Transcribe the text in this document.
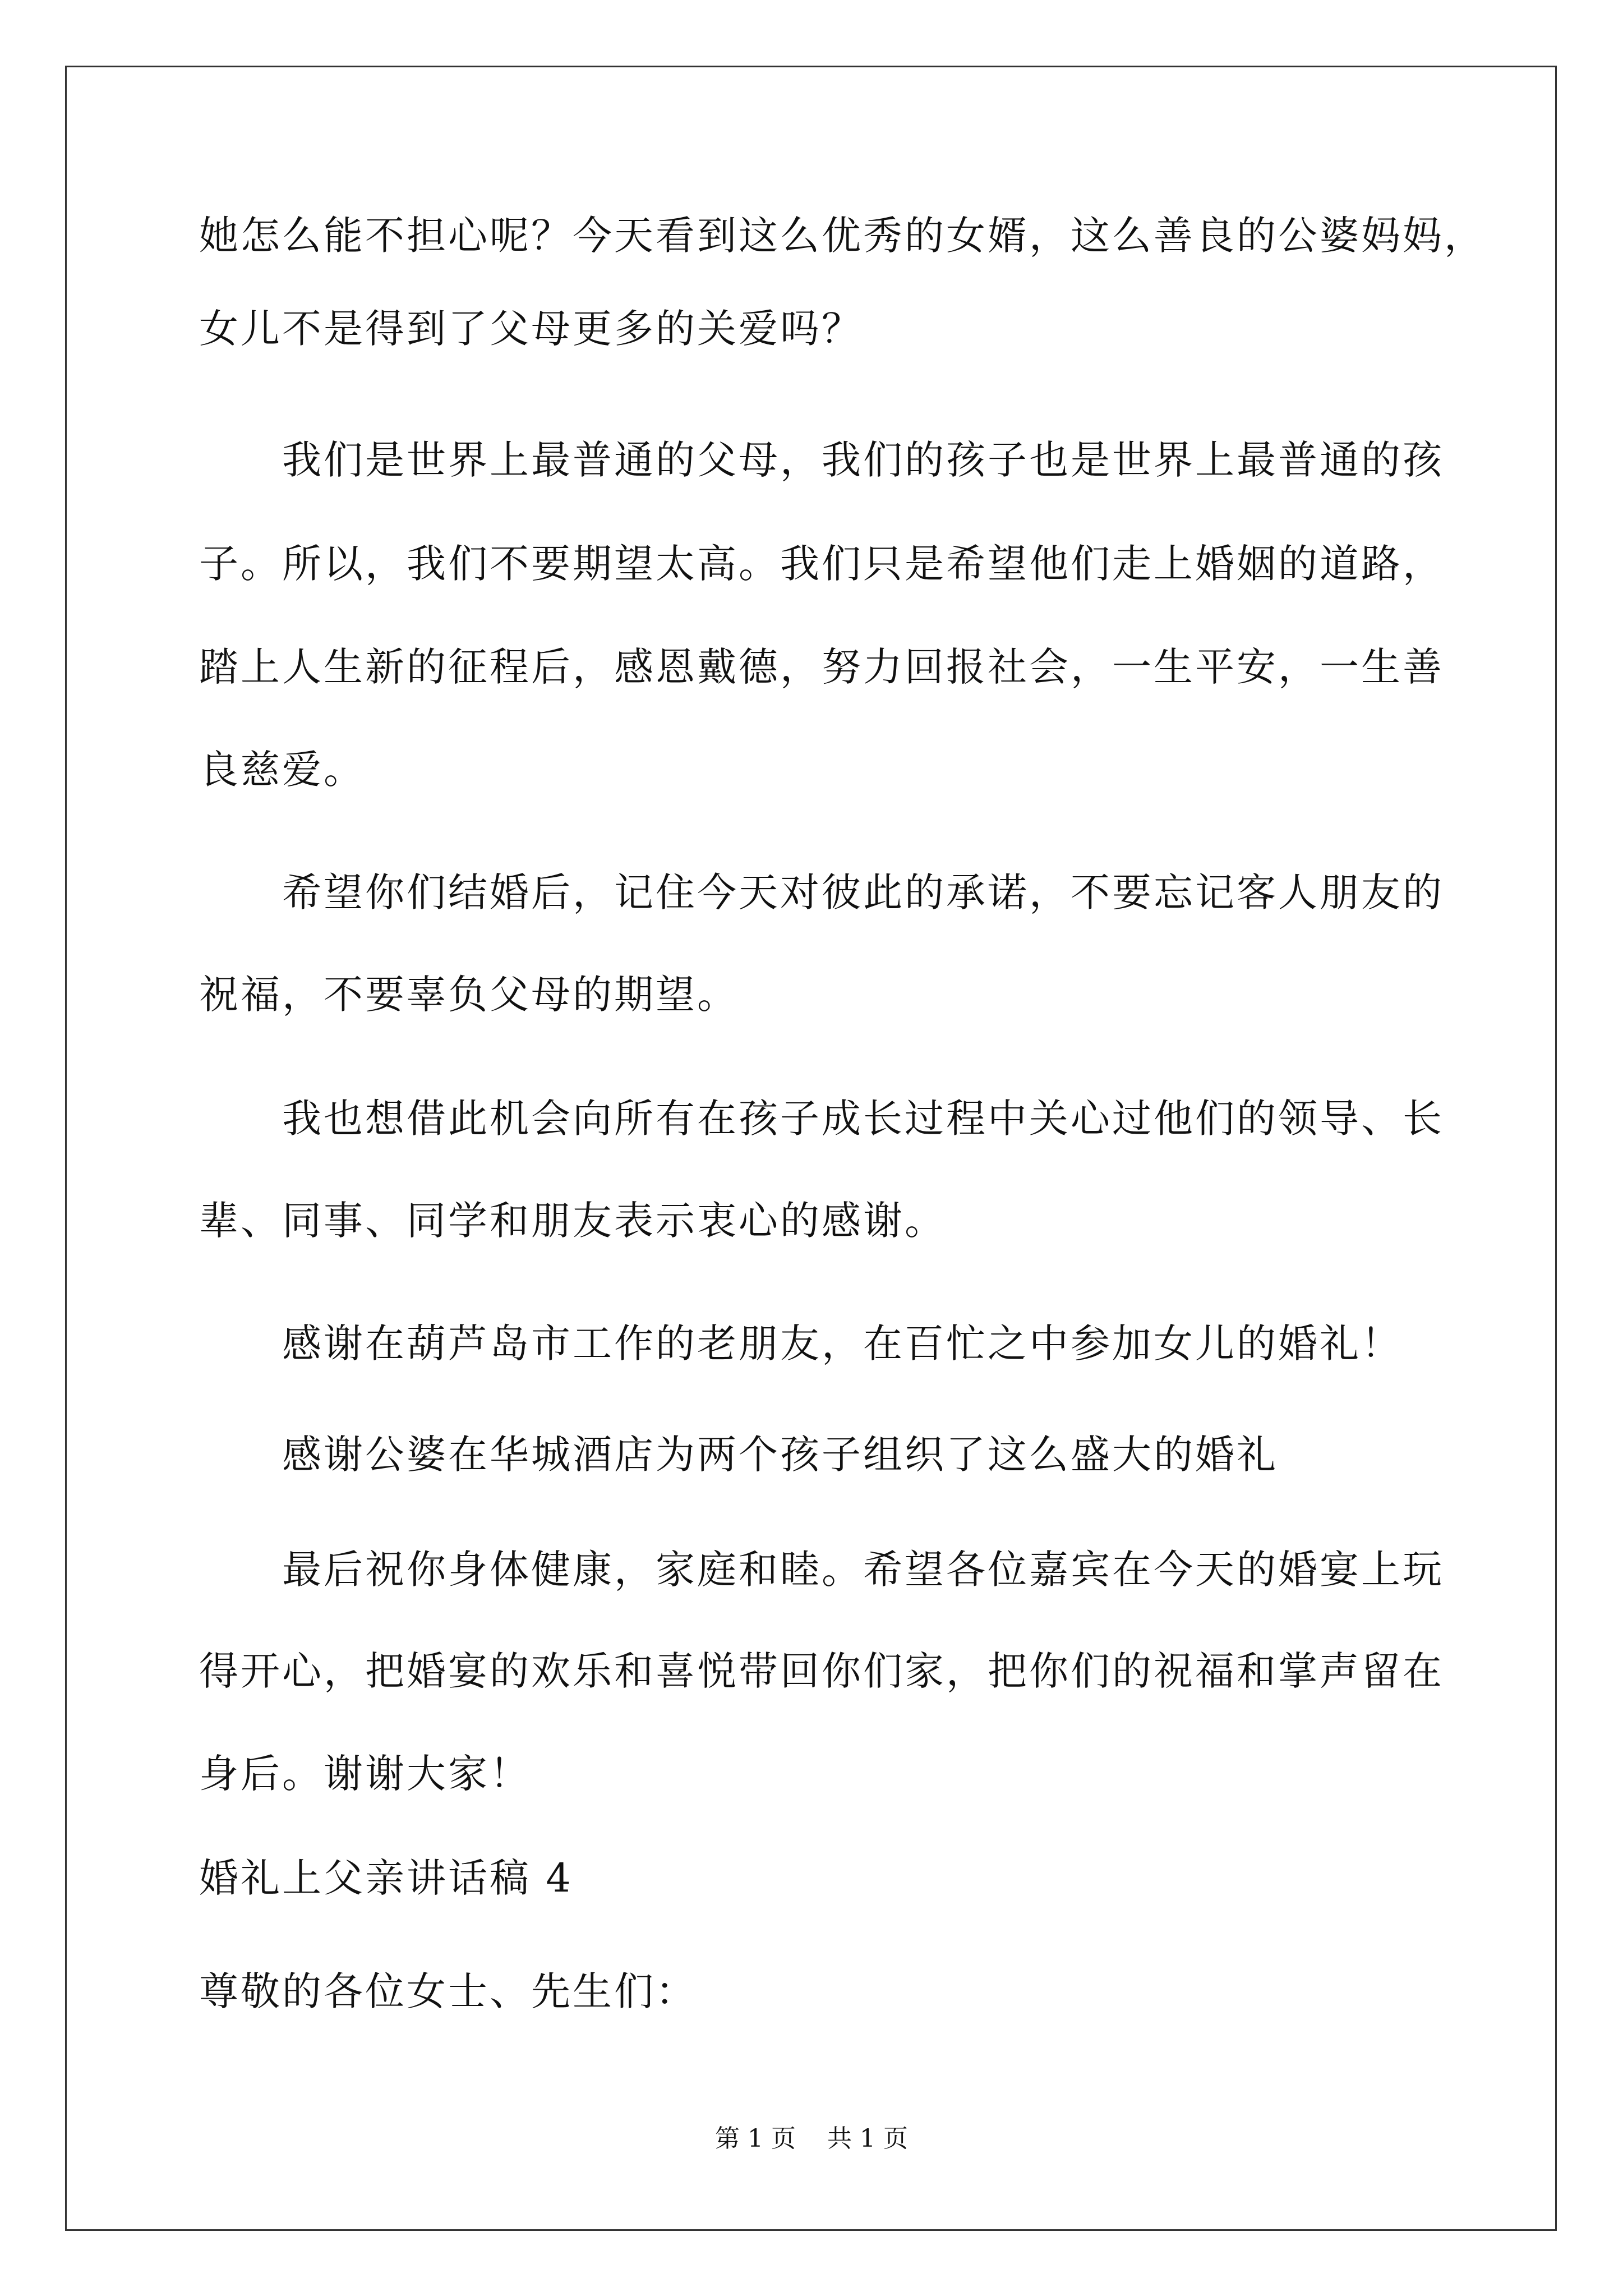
她怎么能不担心呢？今天看到这么优秀的女婿，这么善良的公婆妈妈，
女儿不是得到了父母更多的关爱吗？
我们是世界上最普通的父母，我们的孩子也是世界上最普通的孩
子。所以，我们不要期望太高。我们只是希望他们走上婚姻的道路，
踏上人生新的征程后，感恩戴德，努力回报社会，一生平安，一生善
良慈爱。
希望你们结婚后，记住今天对彼此的承诺，不要忘记客人朋友的
祝福，不要辜负父母的期望。
我也想借此机会向所有在孩子成长过程中关心过他们的领导、长
辈、同事、同学和朋友表示衷心的感谢。
感谢在葫芦岛市工作的老朋友，在百忙之中参加女儿的婚礼！
感谢公婆在华城酒店为两个孩子组织了这么盛大的婚礼
最后祝你身体健康，家庭和睦。希望各位嘉宾在今天的婚宴上玩
得开心，把婚宴的欢乐和喜悦带回你们家，把你们的祝福和掌声留在
身后。谢谢大家！
婚礼上父亲讲话稿 4
尊敬的各位女士、先生们：
第 1 页 共 1 页
